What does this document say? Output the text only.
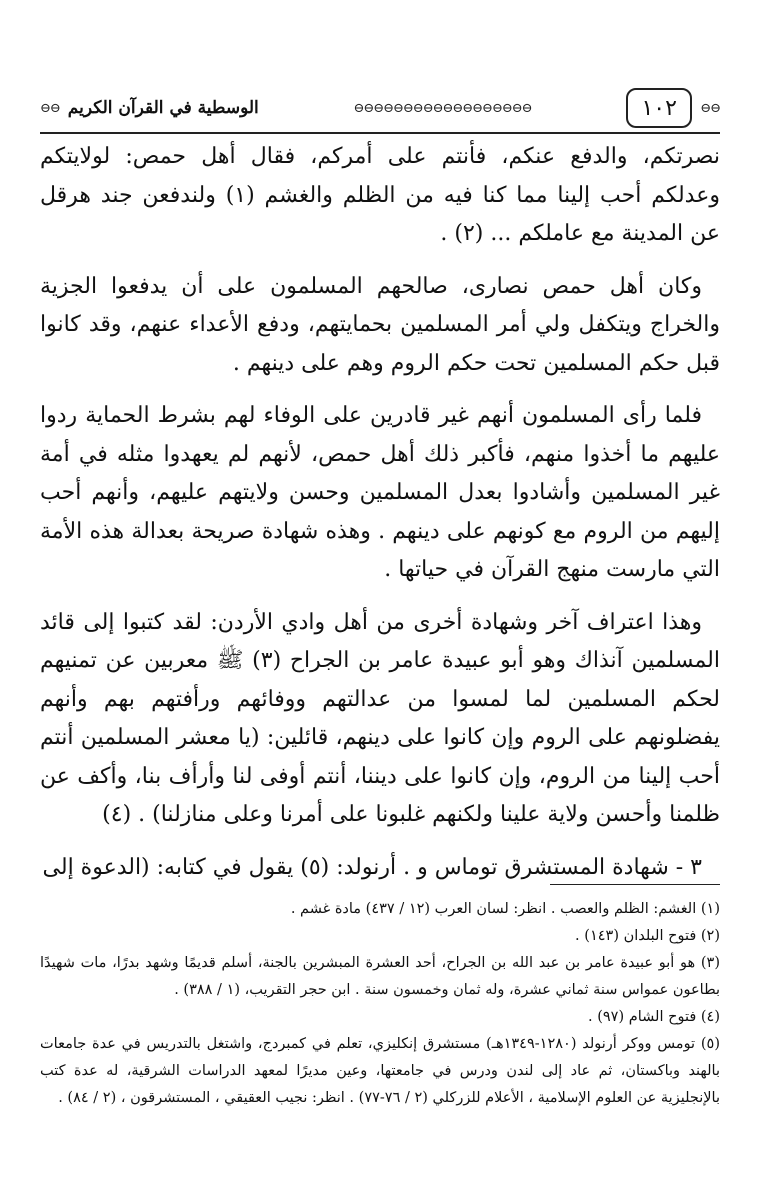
⊖⊖
١٠٢
⊖⊖⊖⊖⊖⊖⊖⊖⊖⊖⊖⊖⊖⊖⊖⊖⊖⊖
الوسطية في القرآن الكريم
⊖⊖

نصرتكم، والدفع عنكم، فأنتم على أمركم، فقال أهل حمص: لولايتكم وعدلكم أحب إلينا مما كنا فيه من الظلم والغشم (١) ولندفعن جند هرقل عن المدينة مع عاملكم ... (٢) .

وكان أهل حمص نصارى، صالحهم المسلمون على أن يدفعوا الجزية والخراج ويتكفل ولي أمر المسلمين بحمايتهم، ودفع الأعداء عنهم، وقد كانوا قبل حكم المسلمين تحت حكم الروم وهم على دينهم .

فلما رأى المسلمون أنهم غير قادرين على الوفاء لهم بشرط الحماية ردوا عليهم ما أخذوا منهم، فأكبر ذلك أهل حمص، لأنهم لم يعهدوا مثله في أمة غير المسلمين وأشادوا بعدل المسلمين وحسن ولايتهم عليهم، وأنهم أحب إليهم من الروم مع كونهم على دينهم . وهذه شهادة صريحة بعدالة هذه الأمة التي مارست منهج القرآن في حياتها .

وهذا اعتراف آخر وشهادة أخرى من أهل وادي الأردن: لقد كتبوا إلى قائد المسلمين آنذاك وهو أبو عبيدة عامر بن الجراح (٣) ﷺ معربين عن تمنيهم لحكم المسلمين لما لمسوا من عدالتهم ووفائهم ورأفتهم بهم وأنهم يفضلونهم على الروم وإن كانوا على دينهم، قائلين: (يا معشر المسلمين أنتم أحب إلينا من الروم، وإن كانوا على ديننا، أنتم أوفى لنا وأرأف بنا، وأكف عن ظلمنا وأحسن ولاية علينا ولكنهم غلبونا على أمرنا وعلى منازلنا) . (٤)

٣ - شهادة المستشرق توماس و . أرنولد: (٥) يقول في كتابه: (الدعوة إلى

(١) الغشم: الظلم والعصب . انظر: لسان العرب (١٢ / ٤٣٧) مادة غشم .
(٢) فتوح البلدان (١٤٣) .
(٣) هو أبو عبيدة عامر بن عبد الله بن الجراح، أحد العشرة المبشرين بالجنة، أسلم قديمًا وشهد بدرًا، مات شهيدًا بطاعون عمواس سنة ثماني عشرة، وله ثمان وخمسون سنة . ابن حجر التقريب، (١ / ٣٨٨) .
(٤) فتوح الشام (٩٧) .
(٥) تومس ووكر أرنولد (١٢٨٠-١٣٤٩هـ) مستشرق إنكليزي، تعلم في كمبردج، واشتغل بالتدريس في عدة جامعات بالهند وباكستان، ثم عاد إلى لندن ودرس في جامعتها، وعين مديرًا لمعهد الدراسات الشرقية، له عدة كتب بالإنجليزية عن العلوم الإسلامية ، الأعلام للزركلي (٢ / ٧٦-٧٧) . انظر: نجيب العقيقي ، المستشرقون ، (٢ / ٨٤) .
